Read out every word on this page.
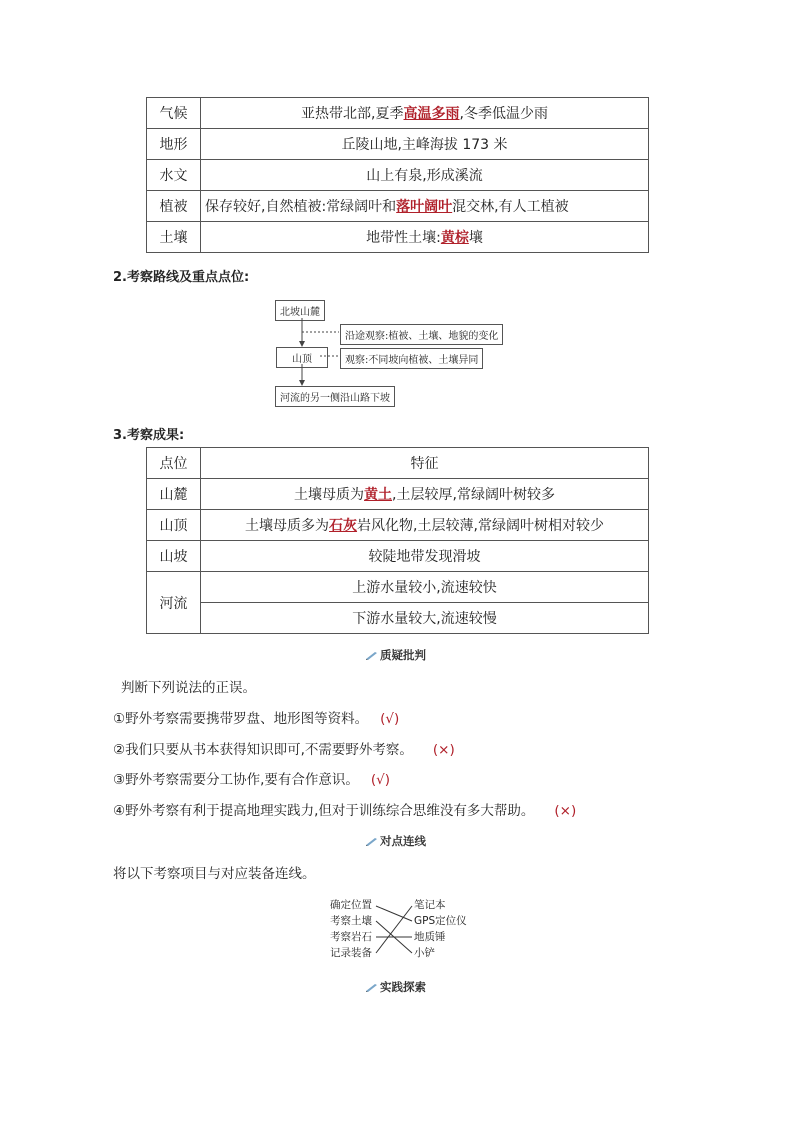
气候	亚热带北部,夏季高温多雨,冬季低温少雨
地形	丘陵山地,主峰海拔 173 米
水文	山上有泉,形成溪流
植被	保存较好,自然植被:常绿阔叶和落叶阔叶混交林,有人工植被
土壤	地带性土壤:黄棕壤
2.考察路线及重点点位:
北坡山麓
沿途观察:植被、土壤、地貌的变化
山顶	观察:不同坡向植被、土壤异同
河流的另一侧沿山路下坡
3.考察成果:
点位	特征
山麓	土壤母质为黄土,土层较厚,常绿阔叶树较多
山顶	土壤母质多为石灰岩风化物,土层较薄,常绿阔叶树相对较少
山坡	较陡地带发现滑坡
河流	上游水量较小,流速较快
	下游水量较大,流速较慢
质疑批判
判断下列说法的正误。
①野外考察需要携带罗盘、地形图等资料。 (√)
②我们只要从书本获得知识即可,不需要野外考察。 (×)
③野外考察需要分工协作,要有合作意识。 (√)
④野外考察有利于提高地理实践力,但对于训练综合思维没有多大帮助。 (×)
对点连线
将以下考察项目与对应装备连线。
确定位置
考察土壤
考察岩石
记录装备
笔记本
GPS定位仪
地质锤
小铲
实践探索
